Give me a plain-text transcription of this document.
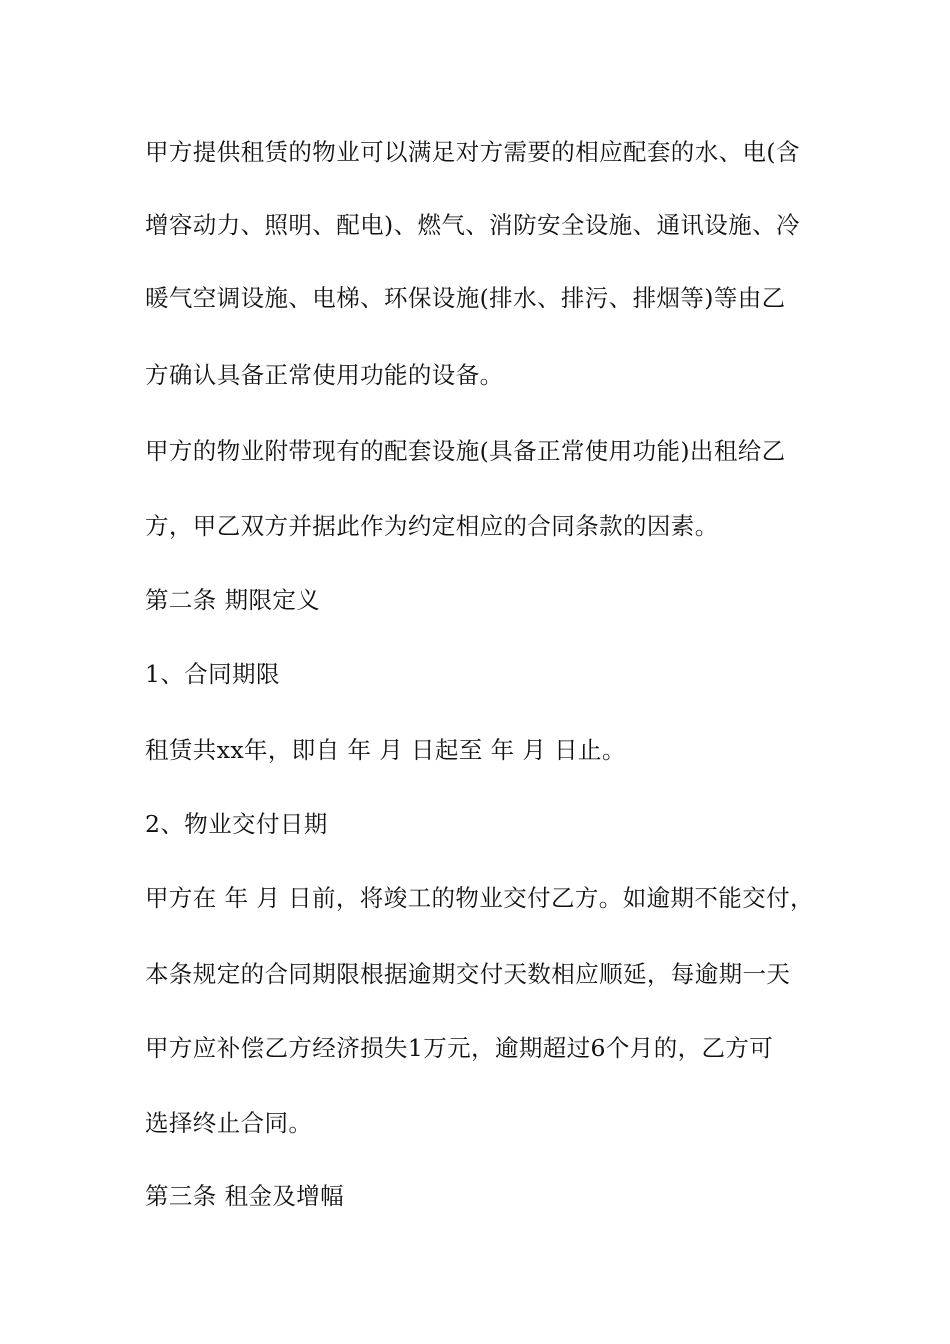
甲方提供租赁的物业可以满足对方需要的相应配套的水、电(含
增容动力、照明、配电)、燃气、消防安全设施、通讯设施、冷
暖气空调设施、电梯、环保设施(排水、排污、排烟等)等由乙
方确认具备正常使用功能的设备。
甲方的物业附带现有的配套设施(具备正常使用功能)出租给乙
方，甲乙双方并据此作为约定相应的合同条款的因素。
第二条 期限定义
1、合同期限
租赁共xx年，即自 年 月 日起至 年 月 日止。
2、物业交付日期
甲方在 年 月 日前，将竣工的物业交付乙方。如逾期不能交付，
本条规定的合同期限根据逾期交付天数相应顺延，每逾期一天
甲方应补偿乙方经济损失1万元，逾期超过6个月的，乙方可
选择终止合同。
第三条 租金及增幅
